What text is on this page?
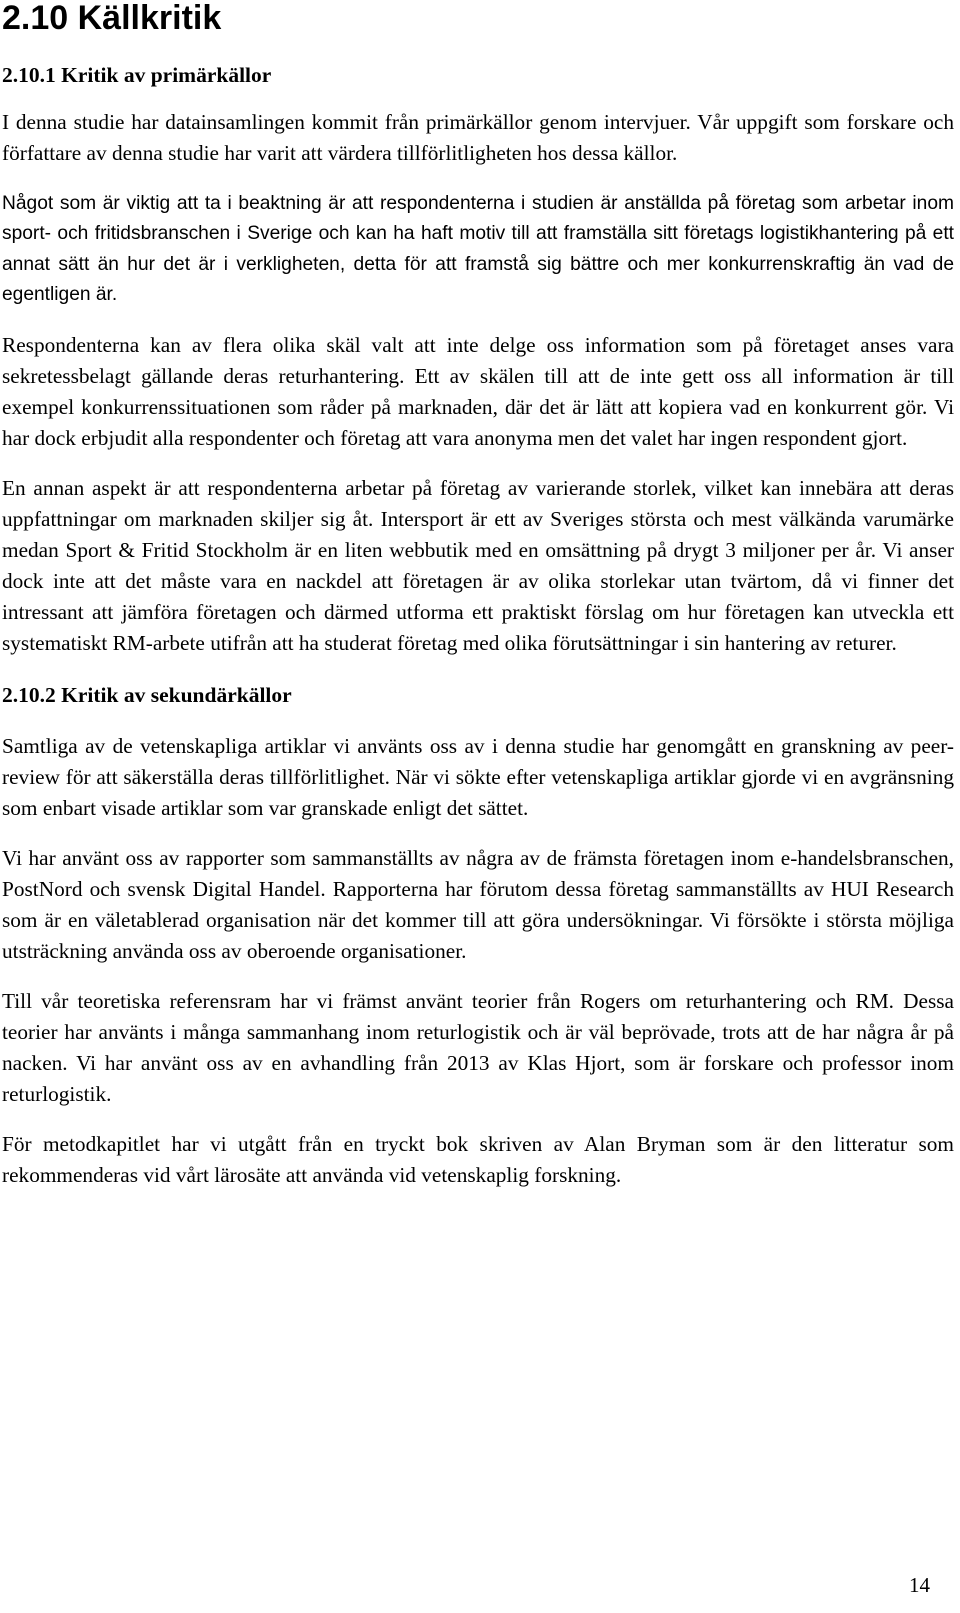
2.10 Källkritik
2.10.1 Kritik av primärkällor

I denna studie har datainsamlingen kommit från primärkällor genom intervjuer. Vår uppgift som forskare och författare av denna studie har varit att värdera tillförlitligheten hos dessa källor.

Något som är viktig att ta i beaktning är att respondenterna i studien är anställda på företag som arbetar inom sport- och fritidsbranschen i Sverige och kan ha haft motiv till att framställa sitt företags logistikhantering på ett annat sätt än hur det är i verkligheten, detta för att framstå sig bättre och mer konkurrenskraftig än vad de egentligen är.

Respondenterna kan av flera olika skäl valt att inte delge oss information som på företaget anses vara sekretessbelagt gällande deras returhantering. Ett av skälen till att de inte gett oss all information är till exempel konkurrenssituationen som råder på marknaden, där det är lätt att kopiera vad en konkurrent gör. Vi har dock erbjudit alla respondenter och företag att vara anonyma men det valet har ingen respondent gjort.

En annan aspekt är att respondenterna arbetar på företag av varierande storlek, vilket kan innebära att deras uppfattningar om marknaden skiljer sig åt. Intersport är ett av Sveriges största och mest välkända varumärke medan Sport & Fritid Stockholm är en liten webbutik med en omsättning på drygt 3 miljoner per år. Vi anser dock inte att det måste vara en nackdel att företagen är av olika storlekar utan tvärtom, då vi finner det intressant att jämföra företagen och därmed utforma ett praktiskt förslag om hur företagen kan utveckla ett systematiskt RM-arbete utifrån att ha studerat företag med olika förutsättningar i sin hantering av returer.

2.10.2 Kritik av sekundärkällor

Samtliga av de vetenskapliga artiklar vi använts oss av i denna studie har genomgått en granskning av peer-review för att säkerställa deras tillförlitlighet. När vi sökte efter vetenskapliga artiklar gjorde vi en avgränsning som enbart visade artiklar som var granskade enligt det sättet.

Vi har använt oss av rapporter som sammanställts av några av de främsta företagen inom e-handelsbranschen, PostNord och svensk Digital Handel. Rapporterna har förutom dessa företag sammanställts av HUI Research som är en väletablerad organisation när det kommer till att göra undersökningar. Vi försökte i största möjliga utsträckning använda oss av oberoende organisationer.

Till vår teoretiska referensram har vi främst använt teorier från Rogers om returhantering och RM. Dessa teorier har använts i många sammanhang inom returlogistik och är väl beprövade, trots att de har några år på nacken. Vi har använt oss av en avhandling från 2013 av Klas Hjort, som är forskare och professor inom returlogistik.

För metodkapitlet har vi utgått från en tryckt bok skriven av Alan Bryman som är den litteratur som rekommenderas vid vårt lärosäte att använda vid vetenskaplig forskning.

14
